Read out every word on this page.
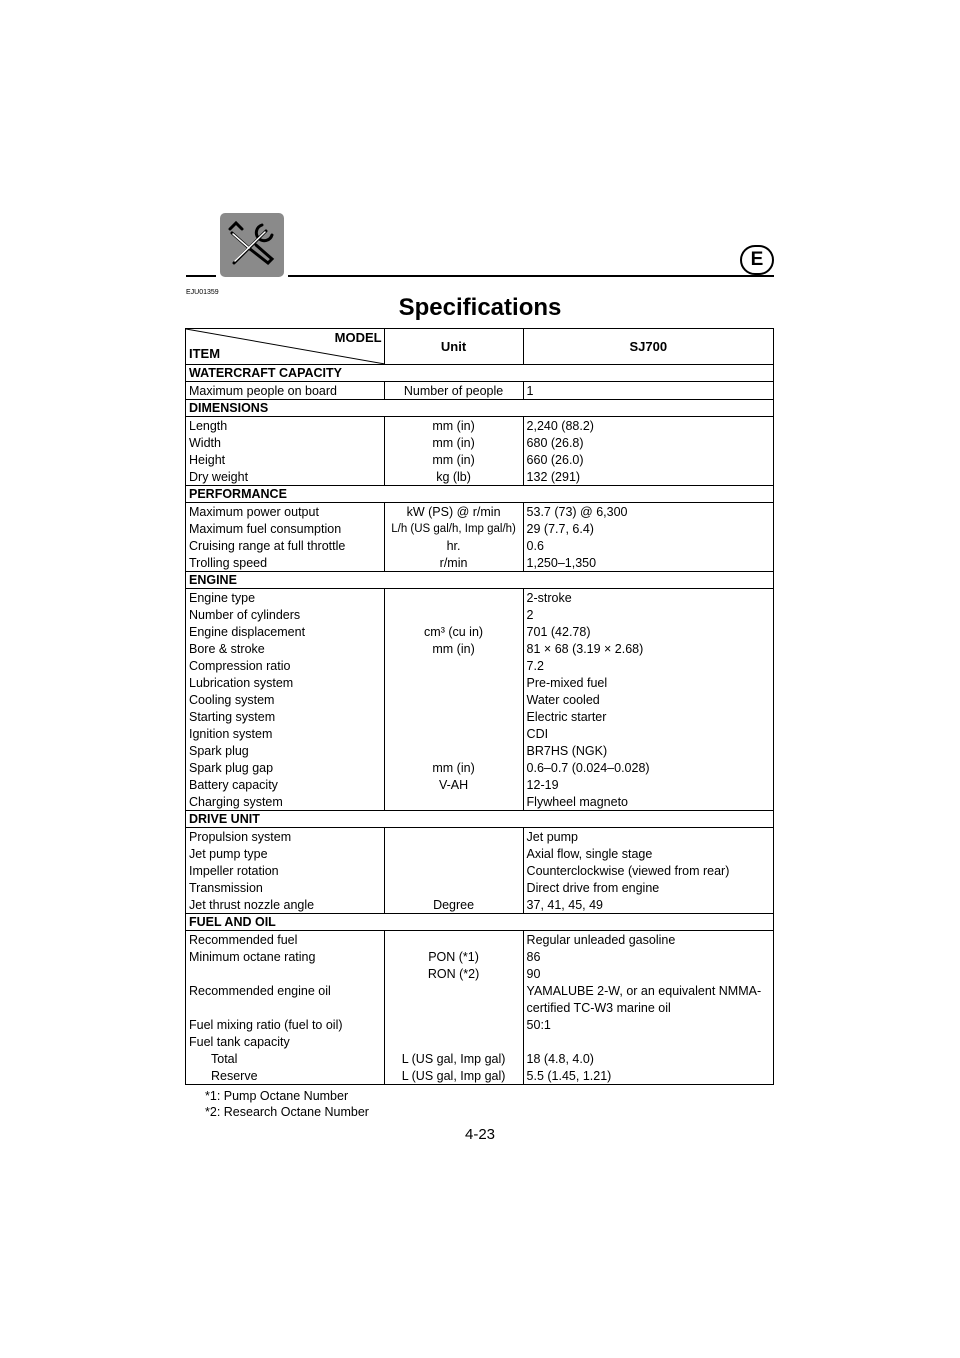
E
EJU01359
Specifications
MODEL
ITEM	Unit	SJ700
WATERCRAFT CAPACITY		
Maximum people on board	Number of people	1
DIMENSIONS		
Length	mm (in)	2,240 (88.2)
Width	mm (in)	680 (26.8)
Height	mm (in)	660 (26.0)
Dry weight	kg (lb)	132 (291)
PERFORMANCE		
Maximum power output	kW (PS) @ r/min	53.7 (73) @ 6,300
Maximum fuel consumption	L/h (US gal/h, Imp gal/h)	29 (7.7, 6.4)
Cruising range at full throttle	hr.	0.6
Trolling speed	r/min	1,250–1,350
ENGINE		
Engine type		2-stroke
Number of cylinders		2
Engine displacement	cm³ (cu in)	701 (42.78)
Bore & stroke	mm (in)	81 × 68 (3.19 × 2.68)
Compression ratio		7.2
Lubrication system		Pre-mixed fuel
Cooling system		Water cooled
Starting system		Electric starter
Ignition system		CDI
Spark plug		BR7HS (NGK)
Spark plug gap	mm (in)	0.6–0.7 (0.024–0.028)
Battery capacity	V-AH	12-19
Charging system		Flywheel magneto
DRIVE UNIT		
Propulsion system		Jet pump
Jet pump type		Axial flow, single stage
Impeller rotation		Counterclockwise (viewed from rear)
Transmission		Direct drive from engine
Jet thrust nozzle angle	Degree	37, 41, 45, 49
FUEL AND OIL		
Recommended fuel		Regular unleaded gasoline
Minimum octane rating	PON (*1)	86
	RON (*2)	90
Recommended engine oil		YAMALUBE 2-W, or an equivalent NMMA-
		certified TC-W3 marine oil
Fuel mixing ratio (fuel to oil)		50:1
Fuel tank capacity		
Total	L (US gal, Imp gal)	18 (4.8, 4.0)
Reserve	L (US gal, Imp gal)	5.5 (1.45, 1.21)
*1: Pump Octane Number
*2: Research Octane Number
4-23
